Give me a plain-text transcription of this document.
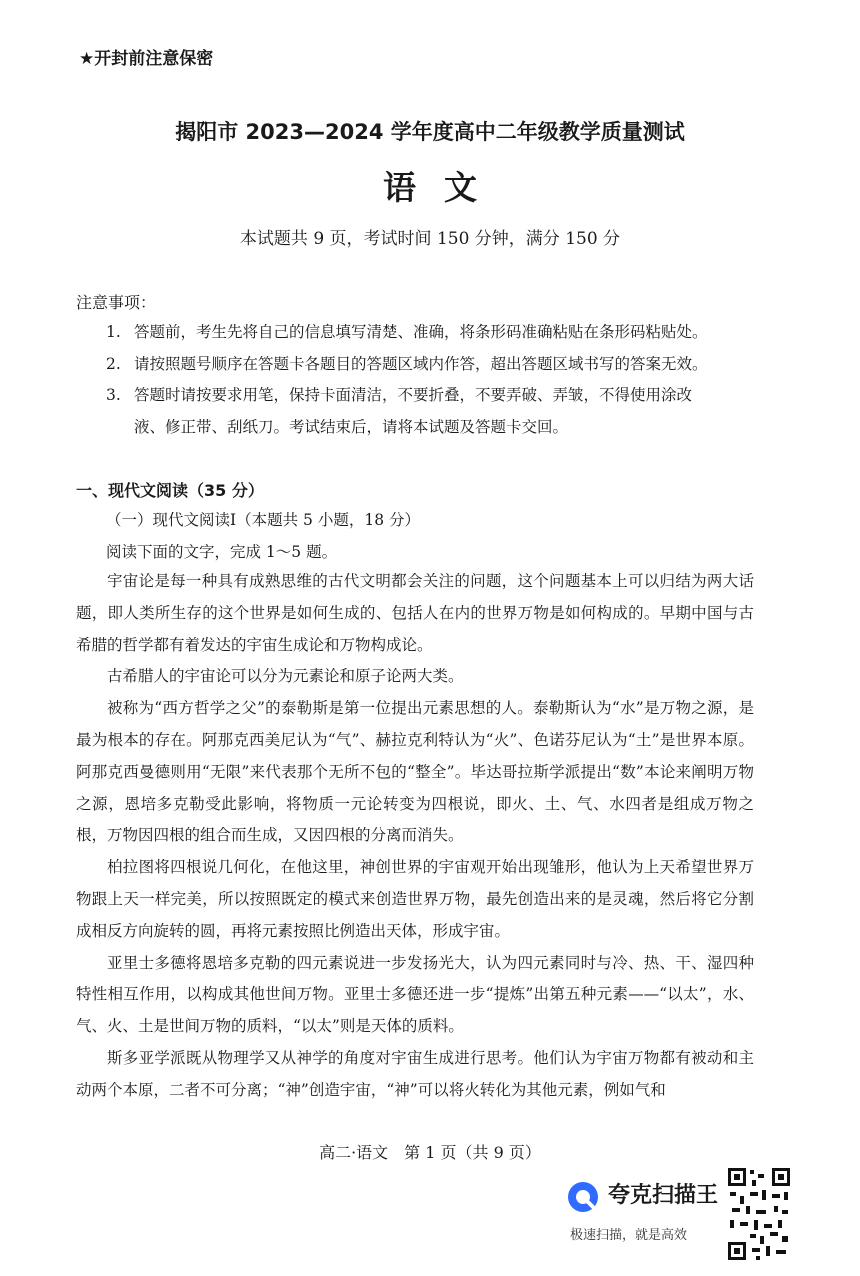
★开封前注意保密
揭阳市 2023—2024 学年度高中二年级教学质量测试
语文
本试题共 9 页，考试时间 150 分钟，满分 150 分
注意事项：
1. 答题前，考生先将自己的信息填写清楚、准确，将条形码准确粘贴在条形码粘贴处。
2. 请按照题号顺序在答题卡各题目的答题区域内作答，超出答题区域书写的答案无效。
3. 答题时请按要求用笔，保持卡面清洁，不要折叠，不要弄破、弄皱，不得使用涂改
液、修正带、刮纸刀。考试结束后，请将本试题及答题卡交回。
一、现代文阅读（35 分）
（一）现代文阅读Ⅰ（本题共 5 小题，18 分）
阅读下面的文字，完成 1～5 题。

宇宙论是每一种具有成熟思维的古代文明都会关注的问题，这个问题基本上可以归结为两大话题，即人类所生存的这个世界是如何生成的、包括人在内的世界万物是如何构成的。早期中国与古希腊的哲学都有着发达的宇宙生成论和万物构成论。

古希腊人的宇宙论可以分为元素论和原子论两大类。

被称为“西方哲学之父”的泰勒斯是第一位提出元素思想的人。泰勒斯认为“水”是万物之源，是最为根本的存在。阿那克西美尼认为“气”、赫拉克利特认为“火”、色诺芬尼认为“土”是世界本原。阿那克西曼德则用“无限”来代表那个无所不包的“整全”。毕达哥拉斯学派提出“数”本论来阐明万物之源，恩培多克勒受此影响，将物质一元论转变为四根说，即火、土、气、水四者是组成万物之根，万物因四根的组合而生成，又因四根的分离而消失。

柏拉图将四根说几何化，在他这里，神创世界的宇宙观开始出现雏形，他认为上天希望世界万物跟上天一样完美，所以按照既定的模式来创造世界万物，最先创造出来的是灵魂，然后将它分割成相反方向旋转的圆，再将元素按照比例造出天体，形成宇宙。

亚里士多德将恩培多克勒的四元素说进一步发扬光大，认为四元素同时与冷、热、干、湿四种特性相互作用，以构成其他世间万物。亚里士多德还进一步“提炼”出第五种元素——“以太”，水、气、火、土是世间万物的质料，“以太”则是天体的质料。

斯多亚学派既从物理学又从神学的角度对宇宙生成进行思考。他们认为宇宙万物都有被动和主动两个本原，二者不可分离；“神”创造宇宙，“神”可以将火转化为其他元素，例如气和

高二·语文　第 1 页（共 9 页）
夸克扫描王
极速扫描，就是高效
